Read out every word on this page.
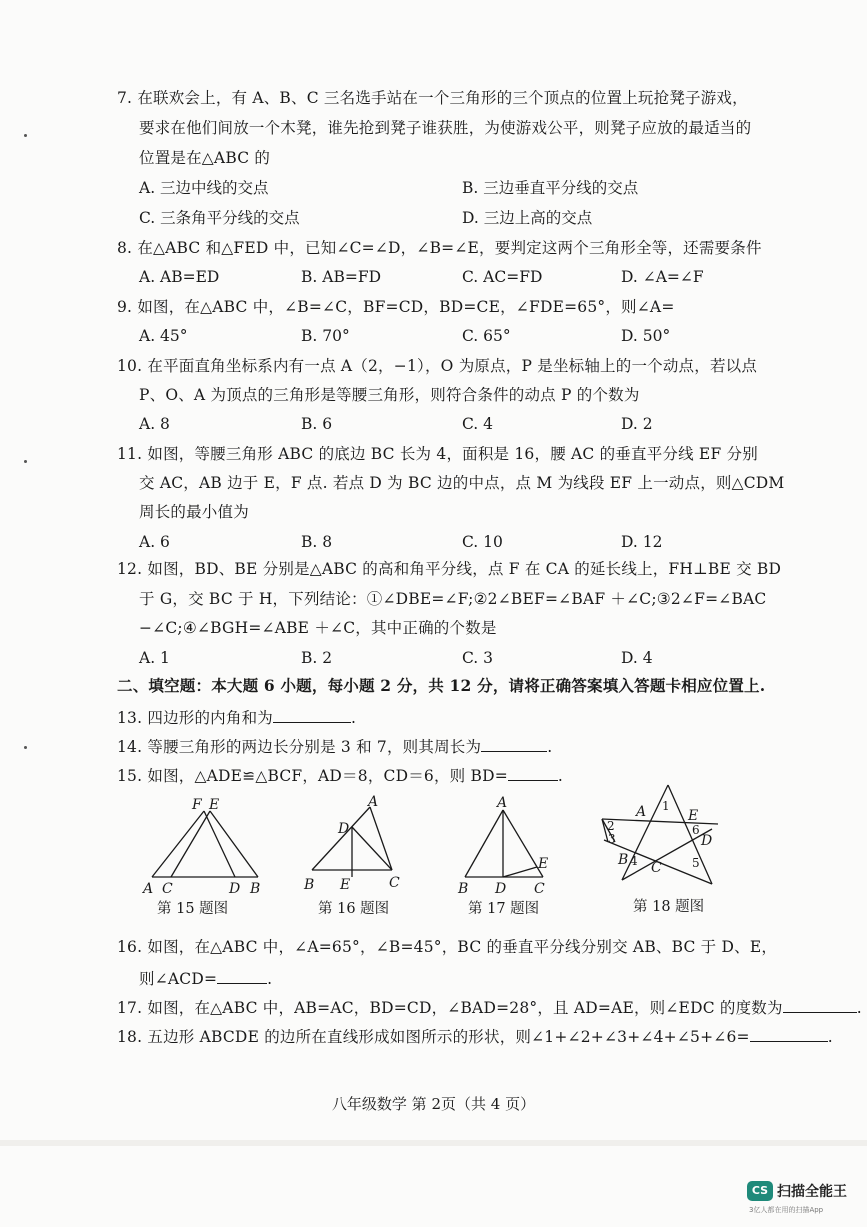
7. 在联欢会上，有 A、B、C 三名选手站在一个三角形的三个顶点的位置上玩抢凳子游戏，
要求在他们间放一个木凳，谁先抢到凳子谁获胜，为使游戏公平，则凳子应放的最适当的
位置是在△ABC 的
A. 三边中线的交点	B. 三边垂直平分线的交点
C. 三条角平分线的交点	D. 三边上高的交点
8. 在△ABC 和△FED 中，已知∠C=∠D，∠B=∠E，要判定这两个三角形全等，还需要条件
A. AB=ED	B. AB=FD	C. AC=FD	D. ∠A=∠F
9. 如图，在△ABC 中，∠B=∠C，BF=CD，BD=CE，∠FDE=65°，则∠A=
A. 45°	B. 70°	C. 65°	D. 50°
10. 在平面直角坐标系内有一点 A（2，−1），O 为原点，P 是坐标轴上的一个动点，若以点
P、O、A 为顶点的三角形是等腰三角形，则符合条件的动点 P 的个数为
A. 8	B. 6	C. 4	D. 2
11. 如图，等腰三角形 ABC 的底边 BC 长为 4，面积是 16，腰 AC 的垂直平分线 EF 分别
交 AC，AB 边于 E，F 点. 若点 D 为 BC 边的中点，点 M 为线段 EF 上一动点，则△CDM
周长的最小值为
A. 6	B. 8	C. 10	D. 12
12. 如图，BD、BE 分别是△ABC 的高和角平分线，点 F 在 CA 的延长线上，FH⊥BE 交 BD
于 G，交 BC 于 H，下列结论：①∠DBE=∠F;②2∠BEF=∠BAF ＋∠C;③2∠F=∠BAC
−∠C;④∠BGH=∠ABE ＋∠C，其中正确的个数是
A. 1	B. 2	C. 3	D. 4
二、填空题：本大题 6 小题，每小题 2 分，共 12 分，请将正确答案填入答题卡相应位置上.
13. 四边形的内角和为	.
14. 等腰三角形的两边长分别是 3 和 7，则其周长为	.
15. 如图，△ADE≌△BCF，AD＝8，CD＝6，则 BD=	.
F E
A C	D B
第 15 题图
A
D
B E	C
第 16 题图
A
E
B D C
第 17 题图
A 1
E
6
D
2
3
B 4 C	5
第 18 题图
16. 如图，在△ABC 中，∠A=65°，∠B=45°，BC 的垂直平分线分别交 AB、BC 于 D、E，
则∠ACD=	.
17. 如图，在△ABC 中，AB=AC，BD=CD，∠BAD=28°，且 AD=AE，则∠EDC 的度数为	.
18. 五边形 ABCDE 的边所在直线形成如图所示的形状，则∠1+∠2+∠3+∠4+∠5+∠6=	.
八年级数学 第 2页（共 4 页）
CS 扫描全能王
3亿人都在用的扫描App
